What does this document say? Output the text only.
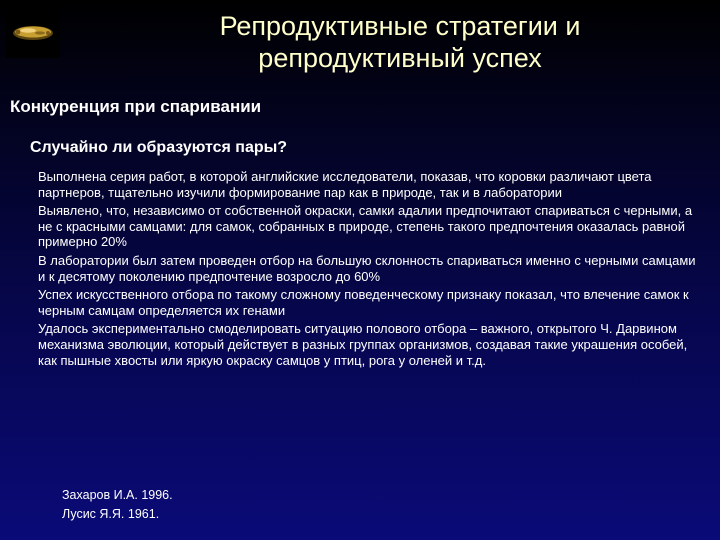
Репродуктивные стратегии и репродуктивный успех
Конкуренция при спаривании
Случайно ли образуются пары?
Выполнена серия работ, в которой английские исследователи, показав, что коровки различают цвета партнеров, тщательно изучили формирование пар как в природе, так и в лаборатории
Выявлено, что, независимо от собственной окраски, самки адалии предпочитают спариваться с черными, а не с красными самцами: для самок, собранных в природе, степень такого предпочтения оказалась равной примерно 20%
В лаборатории был затем проведен отбор на большую склонность спариваться именно с черными самцами и к десятому поколению предпочтение возросло до 60%
Успех искусственного отбора по такому сложному поведенческому признаку показал, что влечение самок к черным самцам определяется их генами
Удалось экспериментально смоделировать ситуацию полового отбора – важного, открытого Ч. Дарвином механизма эволюции, который действует в разных группах организмов, создавая такие украшения особей, как пышные хвосты или яркую окраску самцов у птиц, рога у оленей и т.д.
Захаров И.А. 1996.
Лусис Я.Я. 1961.
